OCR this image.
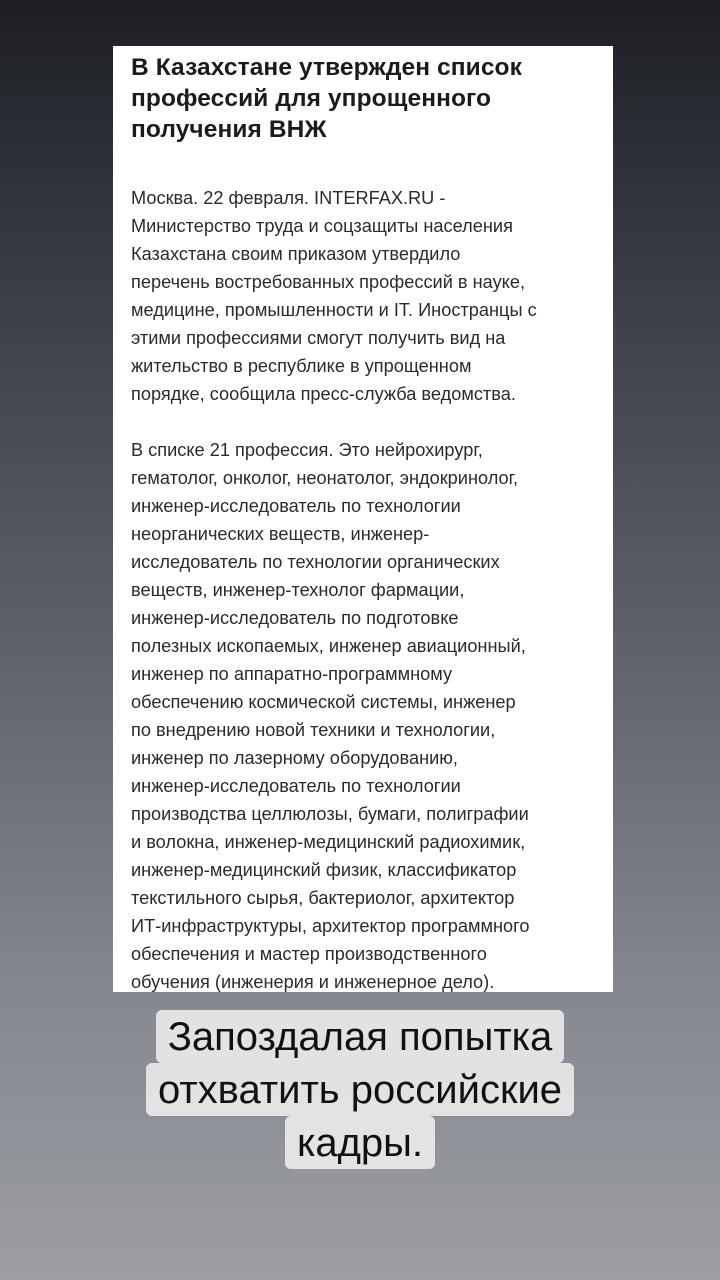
В Казахстане утвержден список профессий для упрощенного получения ВНЖ

Москва. 22 февраля. INTERFAX.RU -
Министерство труда и соцзащиты населения
Казахстана своим приказом утвердило
перечень востребованных профессий в науке,
медицине, промышленности и IT. Иностранцы с
этими профессиями смогут получить вид на
жительство в республике в упрощенном
порядке, сообщила пресс-служба ведомства.

В списке 21 профессия. Это нейрохирург,
гематолог, онколог, неонатолог, эндокринолог,
инженер-исследователь по технологии
неорганических веществ, инженер-
исследователь по технологии органических
веществ, инженер-технолог фармации,
инженер-исследователь по подготовке
полезных ископаемых, инженер авиационный,
инженер по аппаратно-программному
обеспечению космической системы, инженер
по внедрению новой техники и технологии,
инженер по лазерному оборудованию,
инженер-исследователь по технологии
производства целлюлозы, бумаги, полиграфии
и волокна, инженер-медицинский радиохимик,
инженер-медицинский физик, классификатор
текстильного сырья, бактериолог, архитектор
ИТ-инфраструктуры, архитектор программного
обеспечения и мастер производственного
обучения (инженерия и инженерное дело).

Запоздалая попытка
отхватить российские
кадры.
